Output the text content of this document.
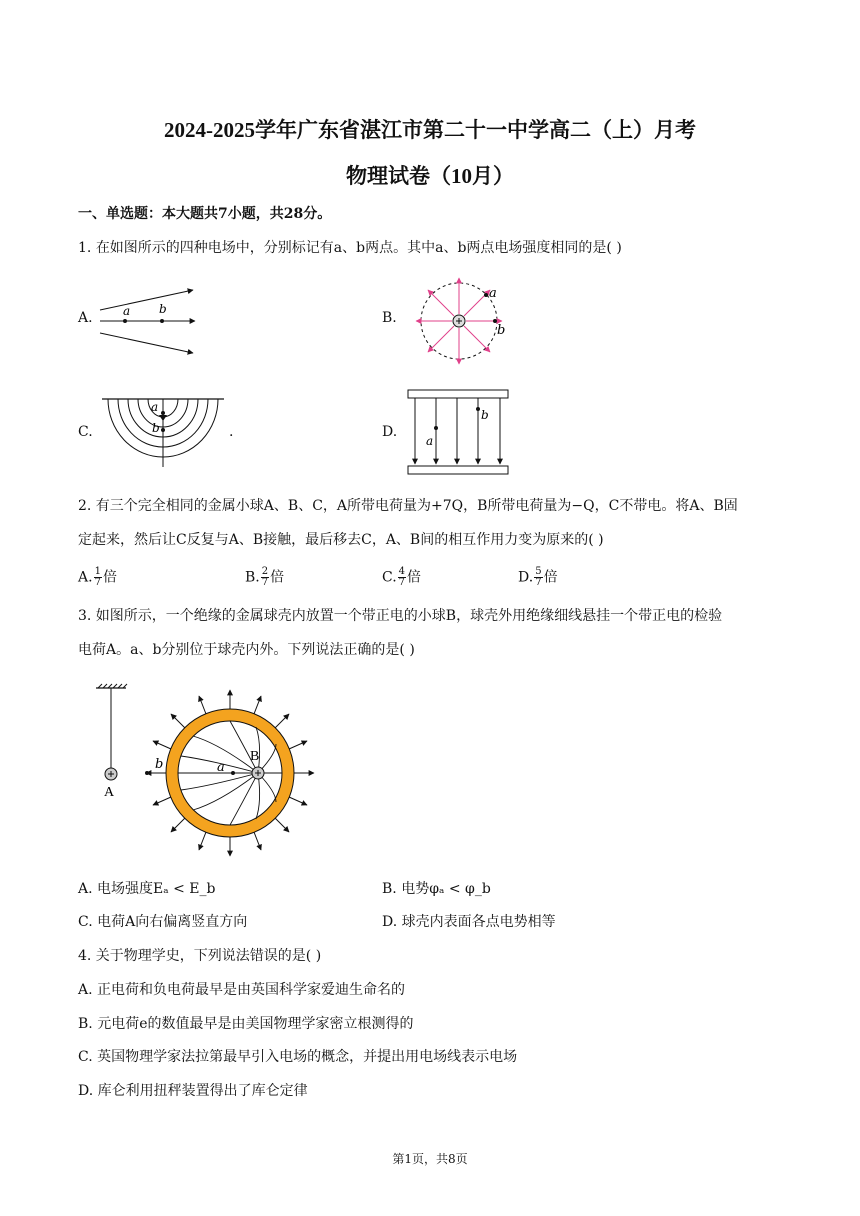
2024-2025学年广东省湛江市第二十一中学高二（上）月考
物理试卷（10月）
一、单选题：本大题共7小题，共28分。
1. 在如图所示的四种电场中，分别标记有a、b两点。其中a、b两点电场强度相同的是( )
A.	a b
B.
a
b
C.
a
b	.	D.
a
b
2. 有三个完全相同的金属小球A、B、C，A所带电荷量为+7Q，B所带电荷量为−Q，C不带电。将A、B固
定起来，然后让C反复与A、B接触，最后移去C，A、B间的相互作用力变为原来的( )
A. $\frac{1}{7}$ 倍	B. $\frac{2}{7}$ 倍	C. $\frac{4}{7}$ 倍	D. $\frac{5}{7}$ 倍
3. 如图所示，一个绝缘的金属球壳内放置一个带正电的小球B，球壳外用绝缘细线悬挂一个带正电的检验
电荷A。a、b分别位于球壳内外。下列说法正确的是( )
A
B
a
b
A. 电场强度Eₐ < E_b	B. 电势φₐ < φ_b
C. 电荷A向右偏离竖直方向	D. 球壳内表面各点电势相等
4. 关于物理学史，下列说法错误的是( )
A. 正电荷和负电荷最早是由英国科学家爱迪生命名的
B. 元电荷e的数值最早是由美国物理学家密立根测得的
C. 英国物理学家法拉第最早引入电场的概念，并提出用电场线表示电场
D. 库仑利用扭秤装置得出了库仑定律
第1页，共8页
